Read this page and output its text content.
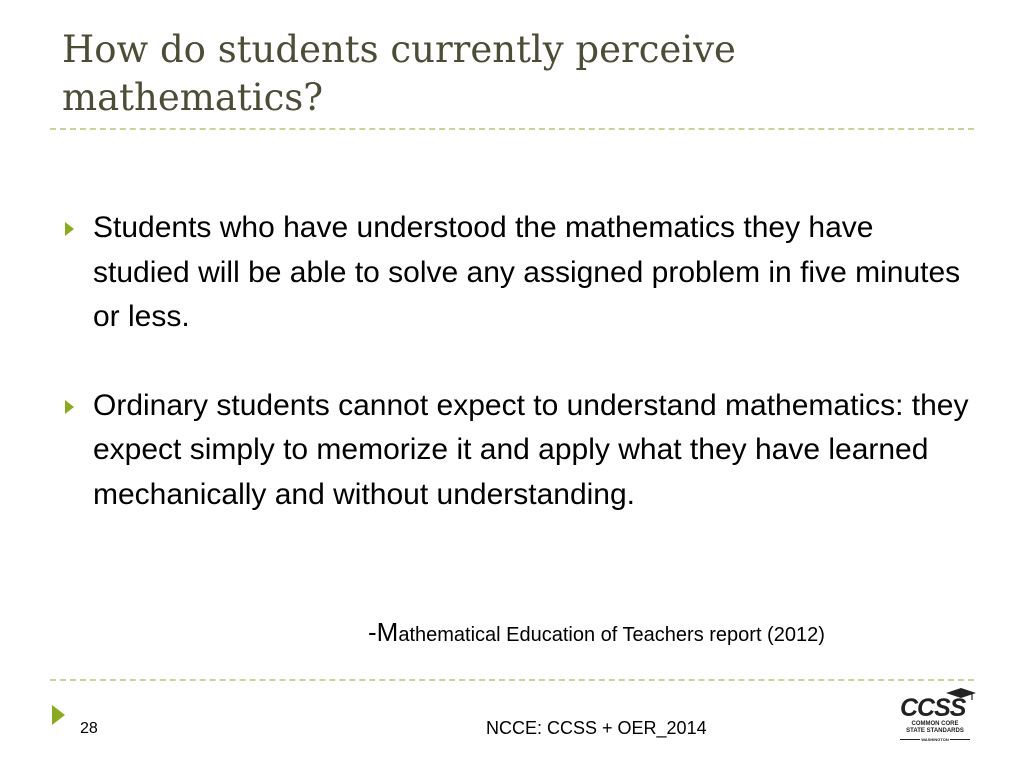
How do students currently perceive mathematics?
Students who have understood the mathematics they have studied will be able to solve any assigned problem in five minutes or less.
Ordinary students cannot expect to understand mathematics: they expect simply to memorize it and apply what they have learned mechanically and without understanding.
-Mathematical Education of Teachers report (2012)
28	NCCE: CCSS + OER_2014
CCSS
COMMON CORE
STATE STANDARDS
WASHINGTON
